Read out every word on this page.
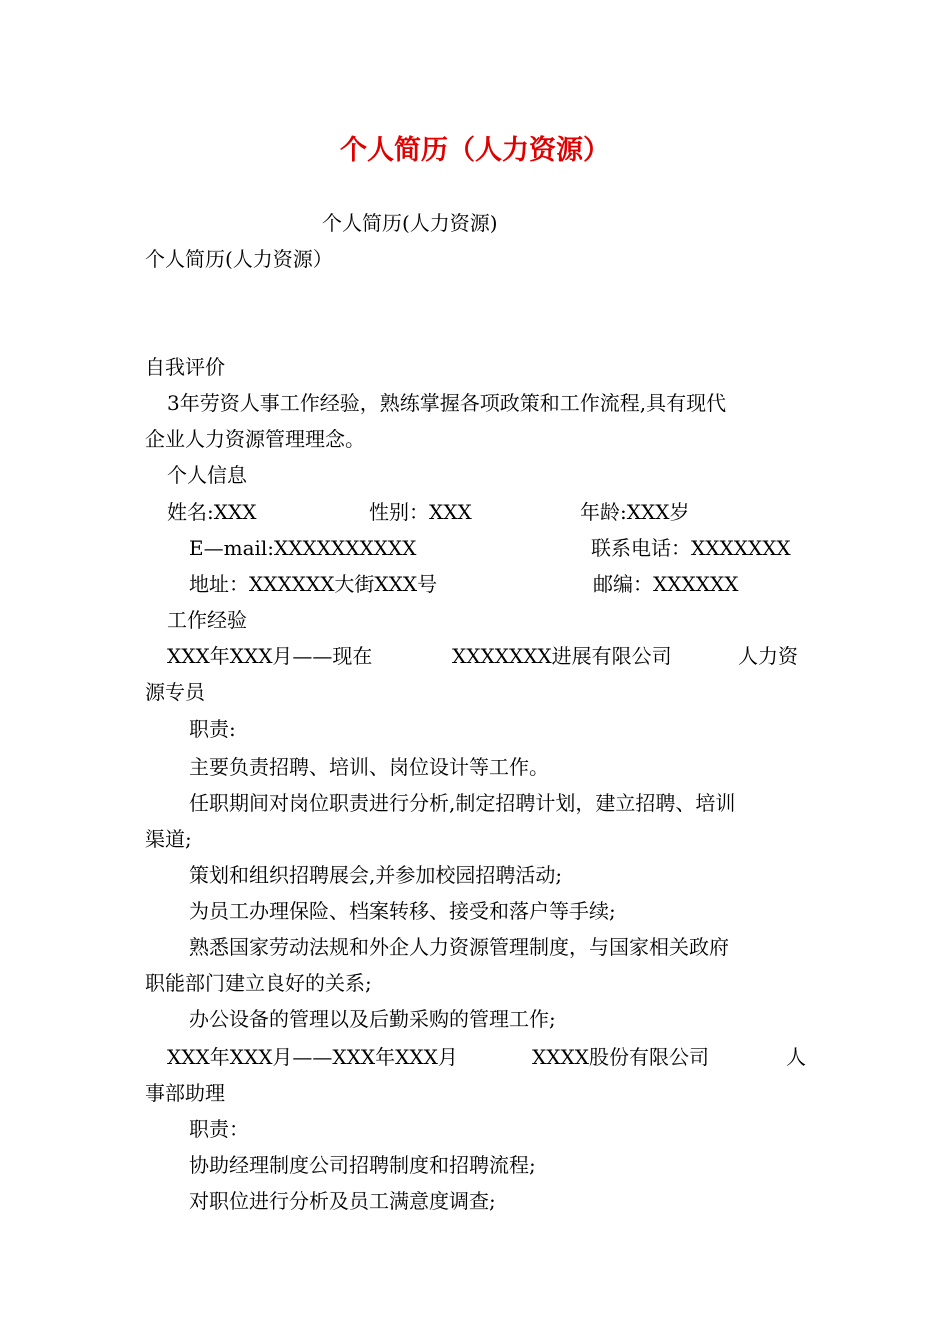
个人简历（人力资源）
个人简历(人力资源)
个人简历(人力资源）
自我评价
3年劳资人事工作经验，熟练掌握各项政策和工作流程,具有现代
企业人力资源管理理念。
个人信息
姓名:XXX	性别：XXX	年龄:XXX岁
E—mail:XXXXXXXXXX	联系电话：XXXXXXX
地址：XXXXXX大街XXX号	邮编：XXXXXX
工作经验
XXX年XXX月——现在	XXXXXXX进展有限公司	人力资
源专员
职责:
主要负责招聘、培训、岗位设计等工作。
任职期间对岗位职责进行分析,制定招聘计划，建立招聘、培训
渠道;
策划和组织招聘展会,并参加校园招聘活动;
为员工办理保险、档案转移、接受和落户等手续;
熟悉国家劳动法规和外企人力资源管理制度，与国家相关政府
职能部门建立良好的关系;
办公设备的管理以及后勤采购的管理工作;
XXX年XXX月——XXX年XXX月	XXXX股份有限公司	人
事部助理
职责：
协助经理制度公司招聘制度和招聘流程;
对职位进行分析及员工满意度调查;
